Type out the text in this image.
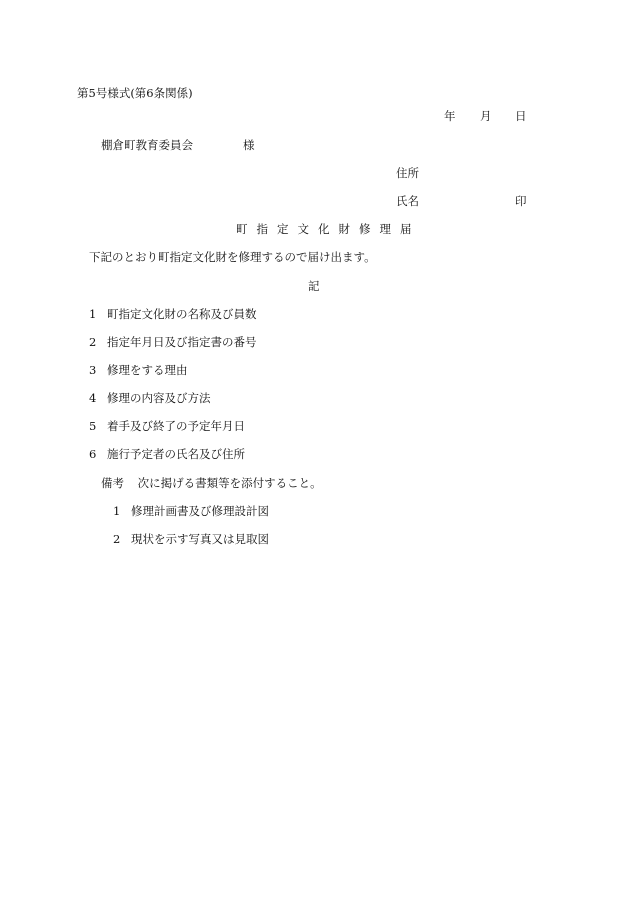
第5号様式(第6条関係)
年 月 日
棚倉町教育委員会	様
住所
氏名	印
町 指 定 文 化 財 修 理 届
下記のとおり町指定文化財を修理するので届け出ます。
記
1 町指定文化財の名称及び員数
2 指定年月日及び指定書の番号
3 修理をする理由
4 修理の内容及び方法
5 着手及び終了の予定年月日
6 施行予定者の氏名及び住所
備考 次に掲げる書類等を添付すること。
1 修理計画書及び修理設計図
2 現状を示す写真又は見取図
